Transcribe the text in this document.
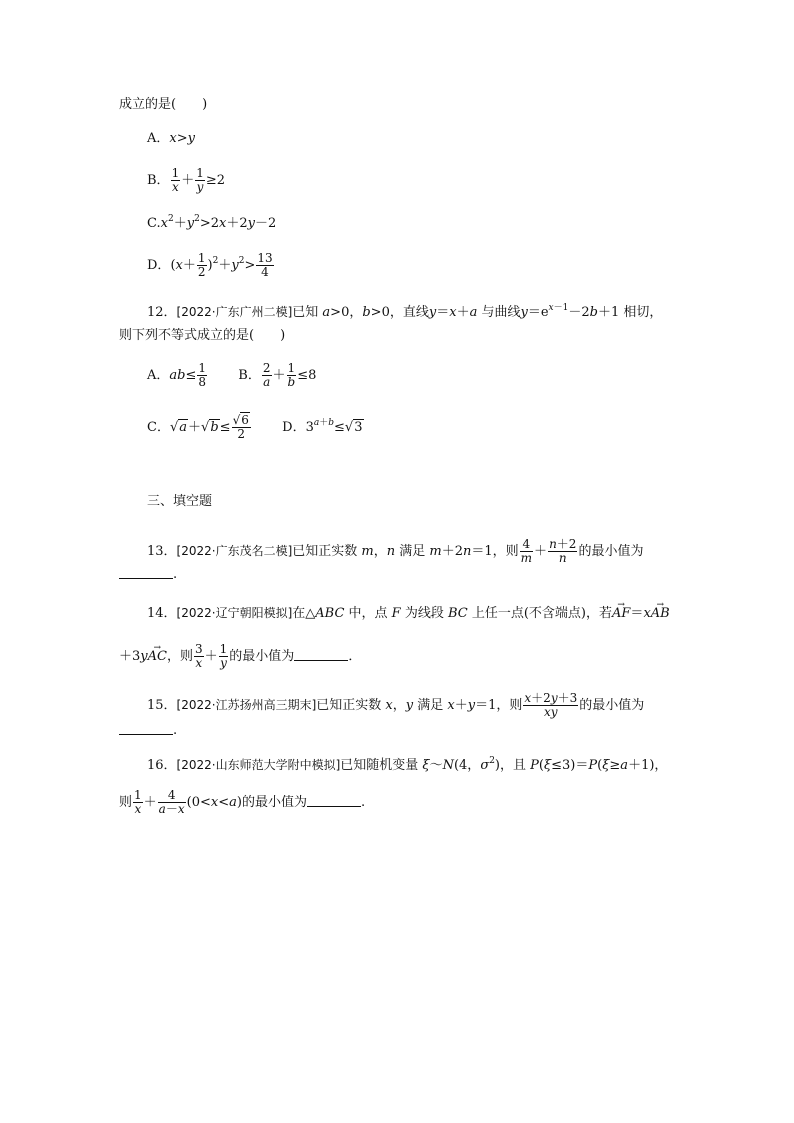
成立的是(　　)
A．x>y
B． $\frac{1}{x} + \frac{1}{y} \ge 2$
$C.x^2+y^2>2x+2y-2$
D．$(x+ \frac{1}{2} )^2+y^2> \frac{13}{4}$
12．[2022·广东广州二模]已知 a>0，b>0，直线y＝x＋a 与曲线$y=e^{x-1}-2b+1$ 相切，
则下列不等式成立的是(　　)
A．$ab\le \frac{1}{8}$ B． $\frac{2}{a} + \frac{1}{b} \le 8$
C．$√a+√b\le \frac{√6}{2}$ D．$3^{a+b}\le√3$
三、填空题
13．[2022·广东茂名二模]已知正实数 m，n 满足 m＋2n＝1，则 $\frac{4}{m} + \frac{n+2}{n}$ 的最小值为
.
14．[2022·辽宁朝阳模拟]在△ABC 中，点 F 为线段 BC 上任一点(不含端点)，若→ AF＝x→ AB
＋3y→ AC，则 $\frac{3}{x} + \frac{1}{y}$ 的最小值为	．
15．[2022·江苏扬州高三期末]已知正实数 x，y 满足 x＋y＝1，则 $\frac{x+2y+3}{xy}$ 的最小值为
.
16．[2022·山东师范大学附中模拟]已知随机变量 ξ～N(4，$\sigma^2$)，且 P(ξ≤3)＝P(ξ≥a＋1)，
则 $\frac{1}{x} + \frac{4}{a-x} (0<x<a)$的最小值为	.
